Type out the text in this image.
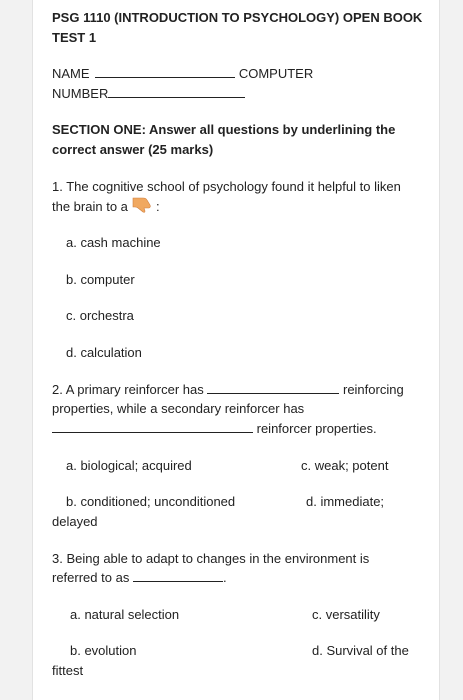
PSG 1110 (INTRODUCTION TO PSYCHOLOGY) OPEN BOOK
TEST 1
NAME	COMPUTER
NUMBER
SECTION ONE: Answer all questions by underlining the
correct answer (25 marks)
1. The cognitive school of psychology found it helpful to liken
the brain to a :
a. cash machine
b. computer
c. orchestra
d. calculation
2. A primary reinforcer has	reinforcing
properties, while a secondary reinforcer has
reinforcer properties.
a. biological; acquired	c. weak; potent
b. conditioned; unconditioned	d. immediate;
delayed
3. Being able to adapt to changes in the environment is
referred to as	.
a. natural selection	c. versatility
b. evolution	d. Survival of the
fittest
